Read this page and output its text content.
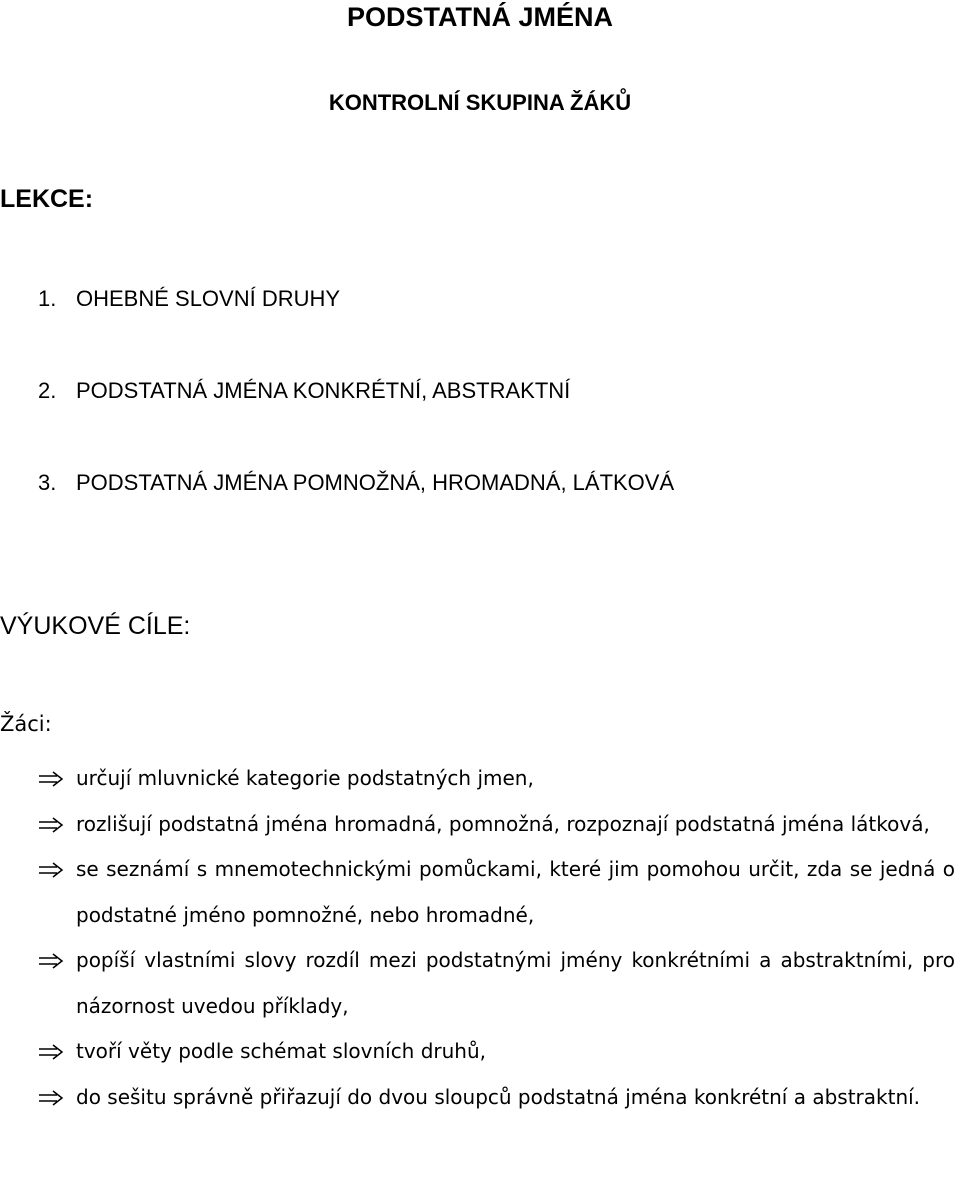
PODSTATNÁ JMÉNA
KONTROLNÍ SKUPINA ŽÁKŮ
LEKCE:
1. OHEBNÉ SLOVNÍ DRUHY
2. PODSTATNÁ JMÉNA KONKRÉTNÍ, ABSTRAKTNÍ
3. PODSTATNÁ JMÉNA POMNOŽNÁ, HROMADNÁ, LÁTKOVÁ
VÝUKOVÉ CÍLE:
Žáci:
určují mluvnické kategorie podstatných jmen,
rozlišují podstatná jména hromadná, pomnožná, rozpoznají podstatná jména látková,
se seznámí s mnemotechnickými pomůckami, které jim pomohou určit, zda se jedná o podstatné jméno pomnožné, nebo hromadné,
popíší vlastními slovy rozdíl mezi podstatnými jmény konkrétními a abstraktními, pro názornost uvedou příklady,
tvoří věty podle schémat slovních druhů,
do sešitu správně přiřazují do dvou sloupců podstatná jména konkrétní a abstraktní.
